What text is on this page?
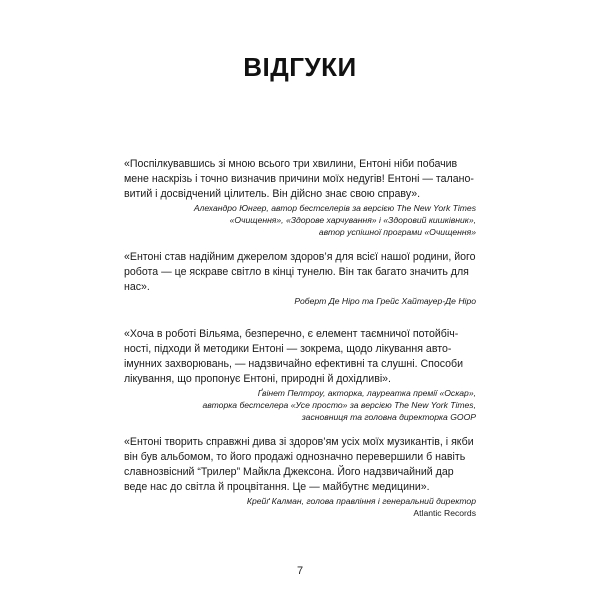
ВІДГУКИ

«Поспілкувавшись зі мною всього три хвилини, Ентоні ніби побачив
мене наскрізь і точно визначив причини моїх недугів! Ентоні — талано-
витий і досвідчений цілитель. Він дійсно знає свою справу».

Алехандро Юнгер, автор бестселерів за версією The New York Times
«Очищення», «Здорове харчування» і «Здоровий кишківник»,
автор успішної програми «Очищення»

«Ентоні став надійним джерелом здоров’я для всієї нашої родини, його
робота — це яскраве світло в кінці тунелю. Він так багато значить для
нас».

Роберт Де Ніро та Грейс Хайтауер-Де Ніро

«Хоча в роботі Вільяма, безперечно, є елемент таємничої потойбіч-
ності, підходи й методики Ентоні — зокрема, щодо лікування авто-
імунних захворювань, — надзвичайно ефективні та слушні. Способи
лікування, що пропонує Ентоні, природні й дохідливі».

Ґвінет Пелтроу, акторка, лауреатка премії «Оскар»,
авторка бестселера «Усе просто» за версією The New York Times,
засновниця та головна директорка GOOP

«Ентоні творить справжні дива зі здоров’ям усіх моїх музикантів, і якби
він був альбомом, то його продажі однозначно перевершили б навіть
славнозвісний “Трилер” Майкла Джексона. Його надзвичайний дар
веде нас до світла й процвітання. Це — майбутнє медицини».

Крейґ Калман, голова правління і генеральний директор
Atlantic Records

7
